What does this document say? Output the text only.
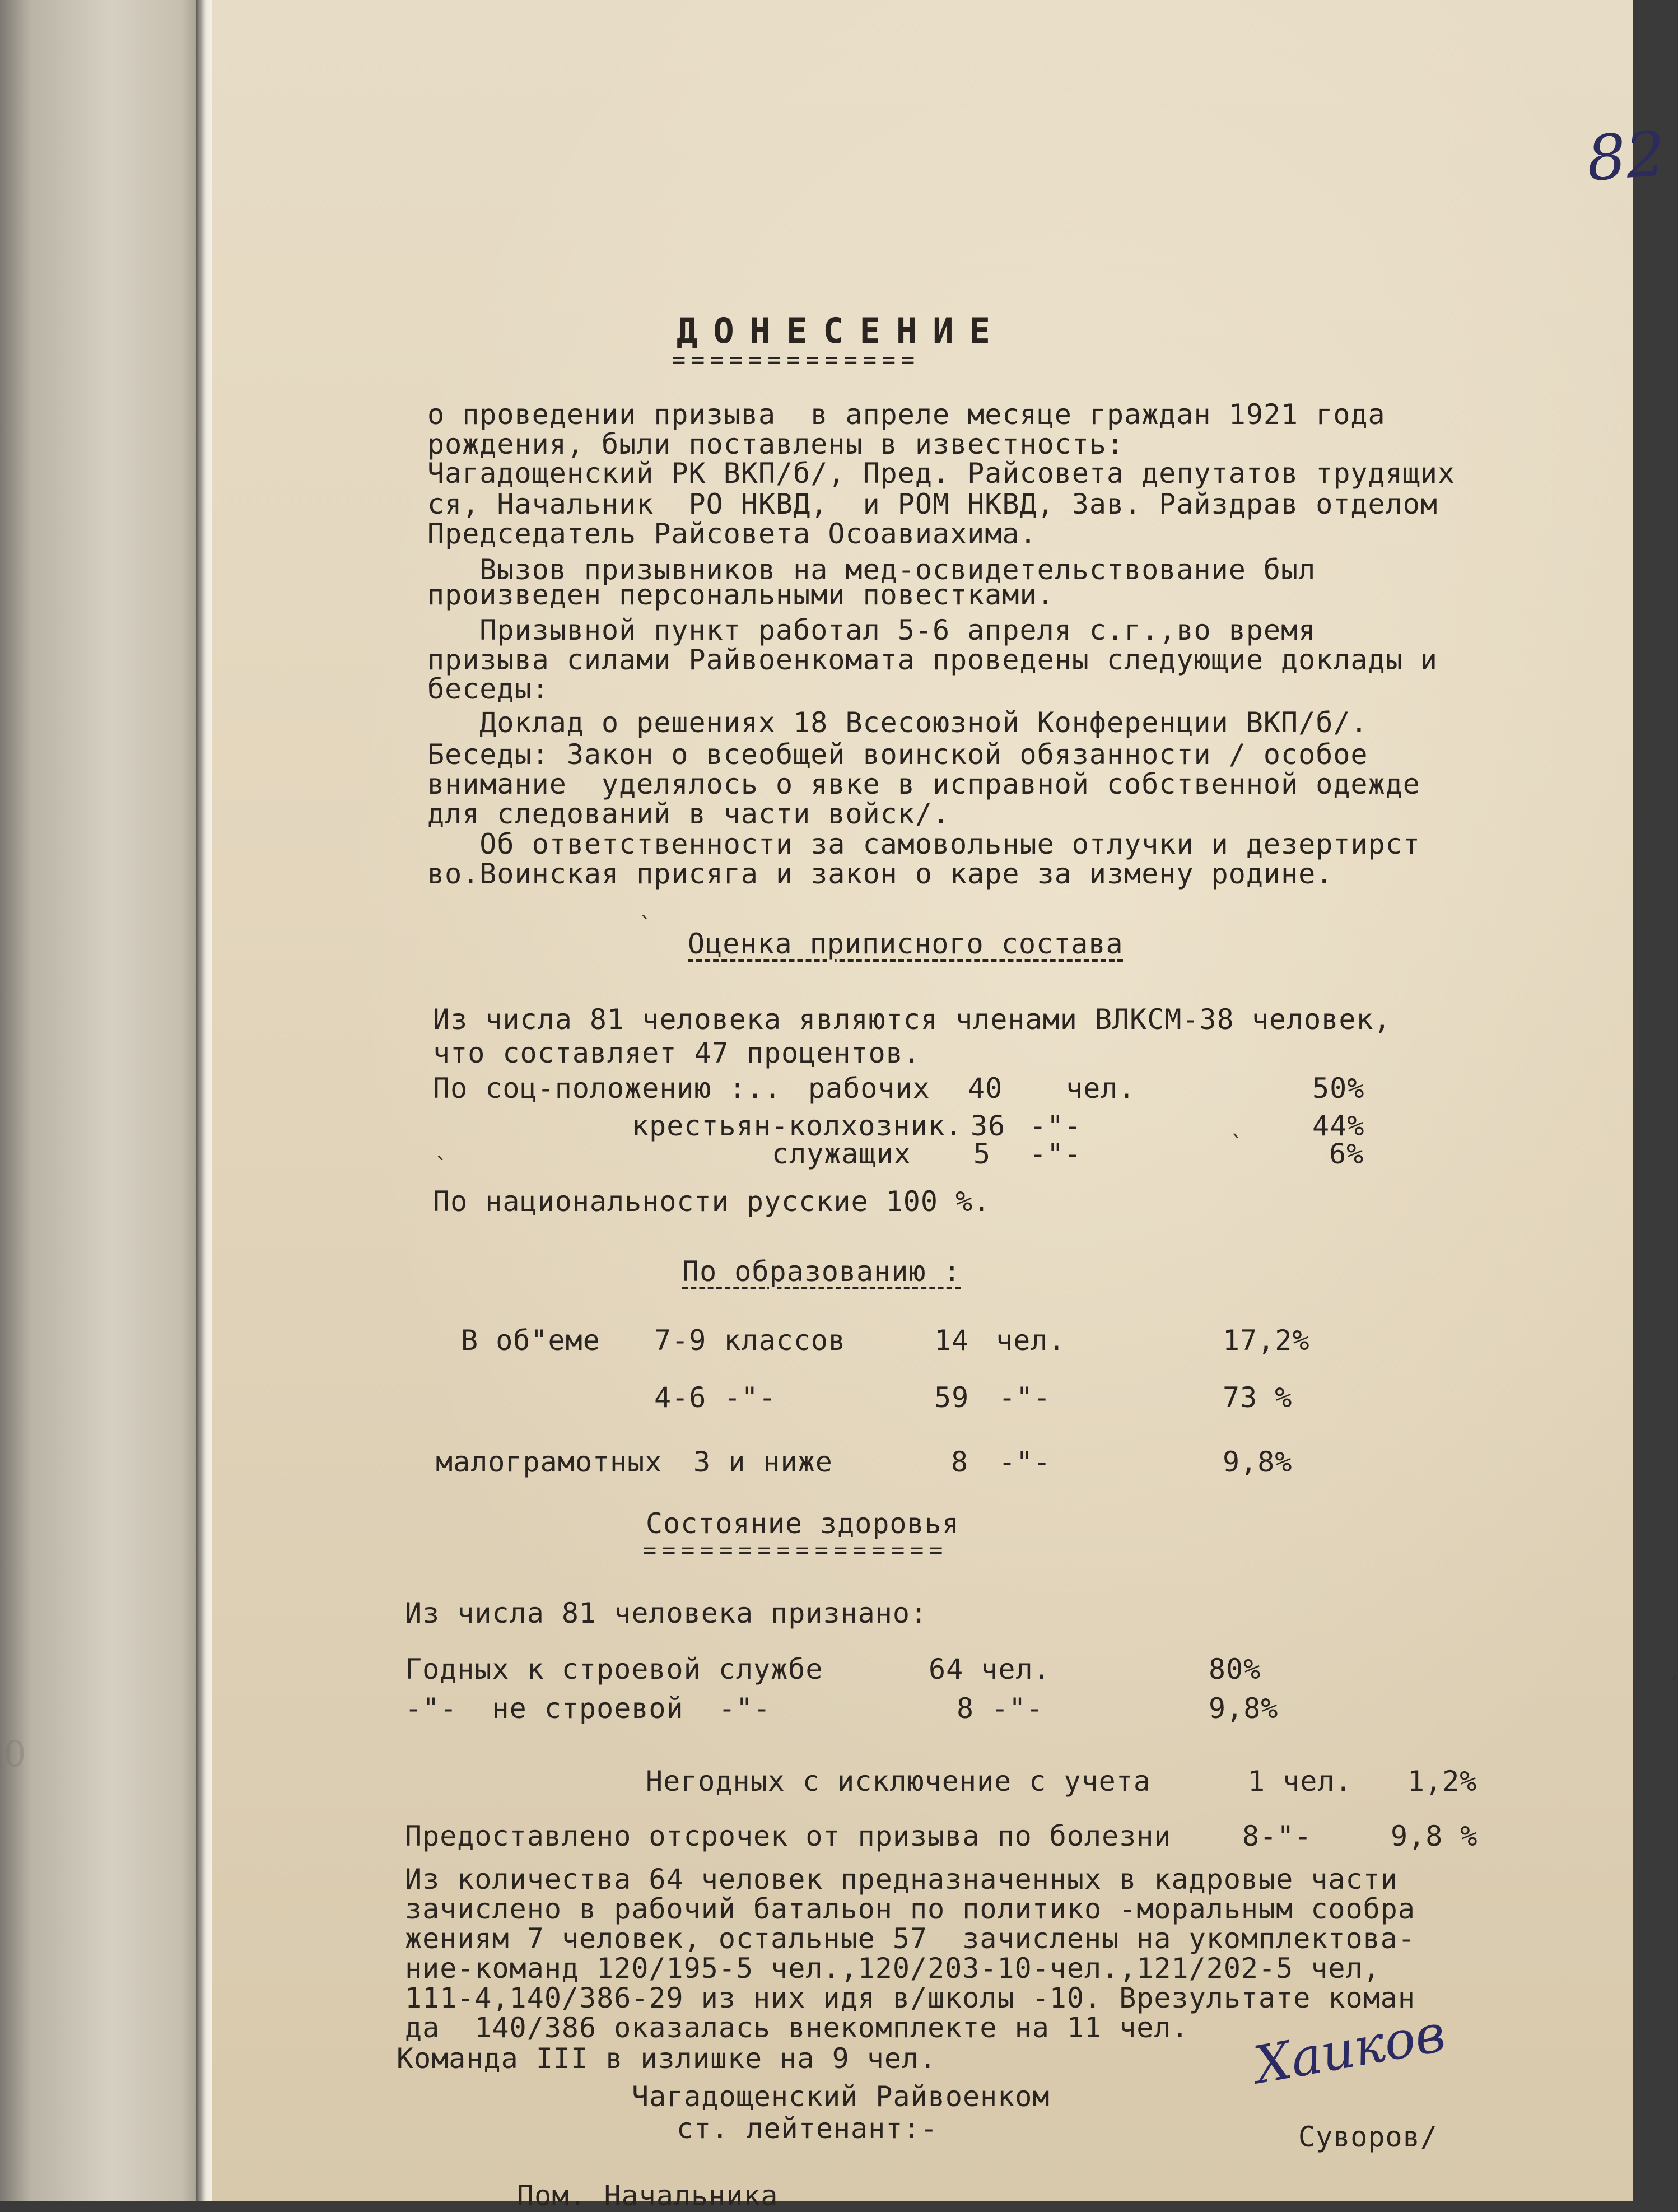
0
82
ДОНЕСЕНИЕ
=============
о проведении призыва  в апреле месяце граждан 1921 года
рождения, были поставлены в известность:
Чагадощенский РК ВКП/б/, Пред. Райсовета депутатов трудящих
ся, Начальник  РО НКВД,  и РОМ НКВД, Зав. Райздрав отделом
Председатель Райсовета Осоавиахима.
Вызов призывников на мед-освидетельствование был
произведен персональными повестками.
Призывной пункт работал 5-6 апреля с.г.,во время
призыва силами Райвоенкомата проведены следующие доклады и
беседы:
Доклад о решениях 18 Всесоюзной Конференции ВКП/б/.
Беседы: Закон о всеобщей воинской обязанности / особое
внимание  уделялось о явке в исправной собственной одежде
для следований в части войск/.
Об ответственности за самовольные отлучки и дезертирст
во.Воинская присяга и закон о каре за измену родине.
`
Оценка приписного состава
Из числа 81 человека являются членами ВЛКСМ-38 человек,
что составляет 47 процентов.
По соц-положению :.. рабочих 40 чел.	50%
крестьян-колхозник. 36 -"-	44%
служащих 5 -"-	6%
`
`
По национальности русские 100 %.
По образованию :
В об"еме 7-9 классов	14 чел.	17,2%
4-6 -"-	59 -"-	73 %
малограмотных 3 и ниже	8 -"-	9,8%
Состояние здоровья
================
Из числа 81 человека признано:
Годных к строевой службе	64 чел.	80%
-"-  не строевой  -"-	8 -"-	9,8%
,
Негодных с исключение с учета	1 чел. 1,2%
Предоставлено отсрочек от призыва по болезни	8-"-	9,8 %
Из количества 64 человек предназначенных в кадровые части
зачислено в рабочий батальон по политико -моральным сообра
жениям 7 человек, остальные 57  зачислены на укомплектова-
ние-команд 120/195-5 чел.,120/203-10-чел.,121/202-5 чел,
111-4,140/386-29 из них идя в/школы -10. Врезультате коман
да  140/386 оказалась внекомплекте на 11 чел.
Команда III в излишке на 9 чел.
Чагадощенский Райвоенком
ст. лейтенант:-	Суворов/
Хаиков
Пом. Начальника
